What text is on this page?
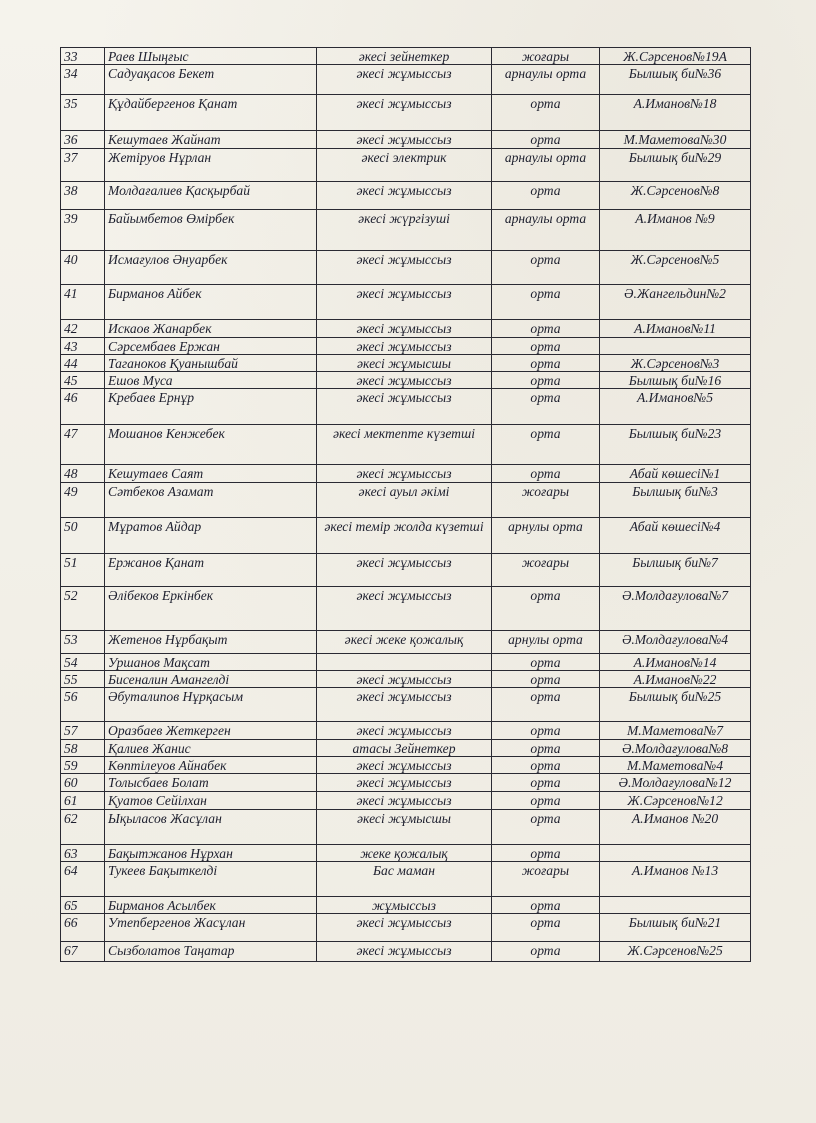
33	Раев Шыңғыс	әкесі зейнеткер	жоғары	Ж.Сәрсенов№19А
34	Садуақасов Бекет	әкесі жұмыссыз	арнаулы орта	Былшық би№36
35	Құдайбергенов Қанат	әкесі жұмыссыз	орта	А.Иманов№18
36	Кешутаев Жайнат	әкесі жұмыссыз	орта	М.Маметова№30
37	Жетіруов Нұрлан	әкесі электрик	арнаулы орта	Былшық би№29
38	Молдағалиев Қасқырбай	әкесі жұмыссыз	орта	Ж.Сәрсенов№8
39	Байымбетов Өмірбек	әкесі жүргізуші	арнаулы орта	А.Иманов №9
40	Исмағулов Әнуарбек	әкесі жұмыссыз	орта	Ж.Сәрсенов№5
41	Бирманов Айбек	әкесі жұмыссыз	орта	Ә.Жангельдин№2
42	Искаов Жанарбек	әкесі жұмыссыз	орта	А.Иманов№11
43	Сәрсембаев Ержан	әкесі жұмыссыз	орта	
44	Таганоков Қуанышбай	әкесі жұмысшы	орта	Ж.Сәрсенов№3
45	Ешов Муса	әкесі жұмыссыз	орта	Былшық би№16
46	Кребаев Ернұр	әкесі жұмыссыз	орта	А.Иманов№5
47	Мошанов Кенжебек	әкесі мектепте күзетші	орта	Былшық би№23
48	Кешутаев Саят	әкесі жұмыссыз	орта	Абай көшесі№1
49	Сәтбеков Азамат	әкесі ауыл әкімі	жоғары	Былшық би№3
50	Мұратов Айдар	әкесі темір жолда күзетші	арнулы орта	Абай көшесі№4
51	Ержанов Қанат	әкесі жұмыссыз	жоғары	Былшық би№7
52	Әлібеков Еркінбек	әкесі жұмыссыз	орта	Ә.Молдағулова№7
53	Жетенов Нұрбақыт	әкесі жеке қожалық	арнулы орта	Ә.Молдағулова№4
54	Уршанов Мақсат		орта	А.Иманов№14
55	Бисеналин Амангелді	әкесі жұмыссыз	орта	А.Иманов№22
56	Әбуталипов Нұрқасым	әкесі жұмыссыз	орта	Былшық би№25
57	Оразбаев Жеткерген	әкесі жұмыссыз	орта	М.Маметова№7
58	Қалиев Жанис	атасы Зейнеткер	орта	Ә.Молдағулова№8
59	Көптілеуов Айнабек	әкесі жұмыссыз	орта	М.Маметова№4
60	Толысбаев Болат	әкесі жұмыссыз	орта	Ә.Молдағулова№12
61	Қуатов Сейілхан	әкесі жұмыссыз	орта	Ж.Сәрсенов№12
62	Ықыласов Жасұлан	әкесі жұмысшы	орта	А.Иманов №20
63	Бақытжанов Нұрхан	жеке қожалық	орта	
64	Тукеев Бақыткелді	Бас маман	жоғары	А.Иманов №13
65	Бирманов Асылбек	жұмыссыз	орта	
66	Утепбергенов Жасұлан	әкесі жұмыссыз	орта	Былшық би№21
67	Сызболатов Таңатар	әкесі жұмыссыз	орта	Ж.Сәрсенов№25
